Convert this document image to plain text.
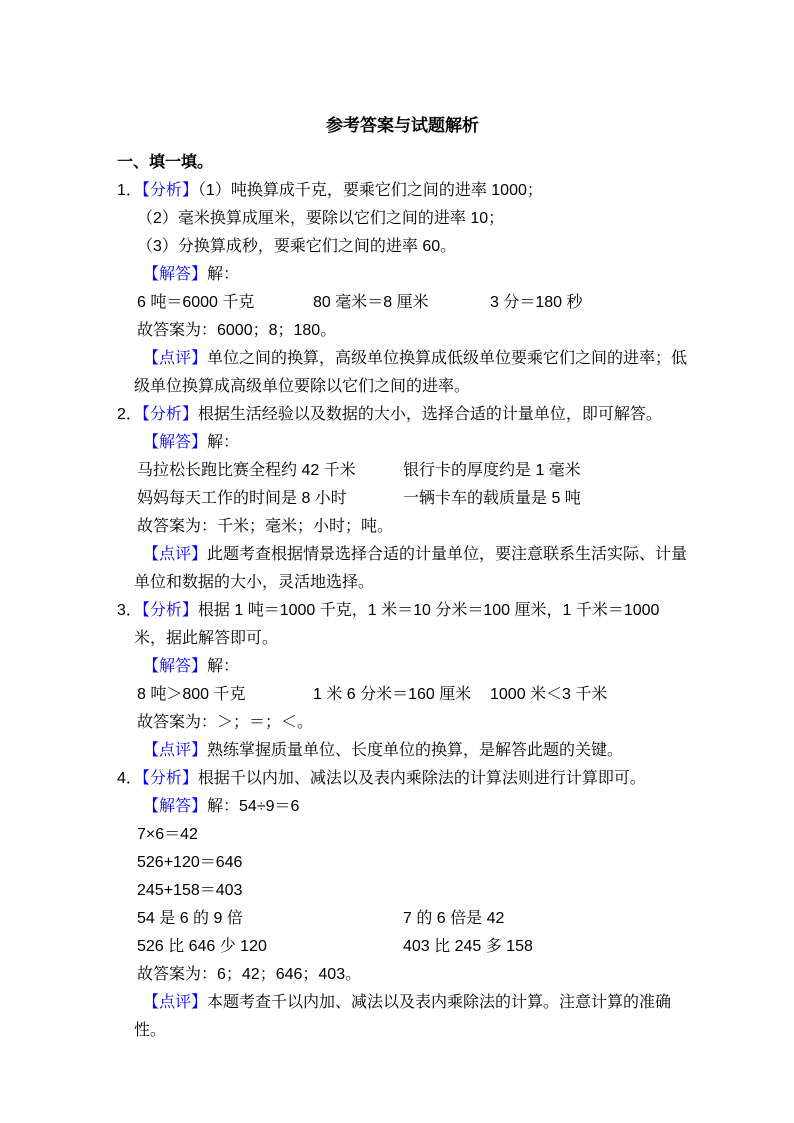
参考答案与试题解析

一、填一填。

1．【分析】（1）吨换算成千克，要乘它们之间的进率 1000；

（2）毫米换算成厘米，要除以它们之间的进率 10；

（3）分换算成秒，要乘它们之间的进率 60。

【解答】解：

6 吨＝6000 千克	80 毫米＝8 厘米	3 分＝180 秒

故答案为：6000；8；180。

【点评】单位之间的换算，高级单位换算成低级单位要乘它们之间的进率；低级单位换算成高级单位要除以它们之间的进率。

2．【分析】根据生活经验以及数据的大小，选择合适的计量单位，即可解答。

【解答】解：

马拉松长跑比赛全程约 42 千米	银行卡的厚度约是 1 毫米
妈妈每天工作的时间是 8 小时	一辆卡车的载质量是 5 吨

故答案为：千米；毫米；小时；吨。

【点评】此题考查根据情景选择合适的计量单位，要注意联系生活实际、计量单位和数据的大小，灵活地选择。

3．【分析】根据 1 吨＝1000 千克，1 米＝10 分米＝100 厘米，1 千米＝1000 米，据此解答即可。

【解答】解：

8 吨＞800 千克	1 米 6 分米＝160 厘米	1000 米＜3 千米

故答案为：＞；＝；＜。

【点评】熟练掌握质量单位、长度单位的换算，是解答此题的关键。

4．【分析】根据千以内加、减法以及表内乘除法的计算法则进行计算即可。

【解答】解：54÷9＝6

7×6＝42

526+120＝646

245+158＝403

54 是 6 的 9 倍	7 的 6 倍是 42
526 比 646 少 120	403 比 245 多 158

故答案为：6；42；646；403。

【点评】本题考查千以内加、减法以及表内乘除法的计算。注意计算的准确性。
